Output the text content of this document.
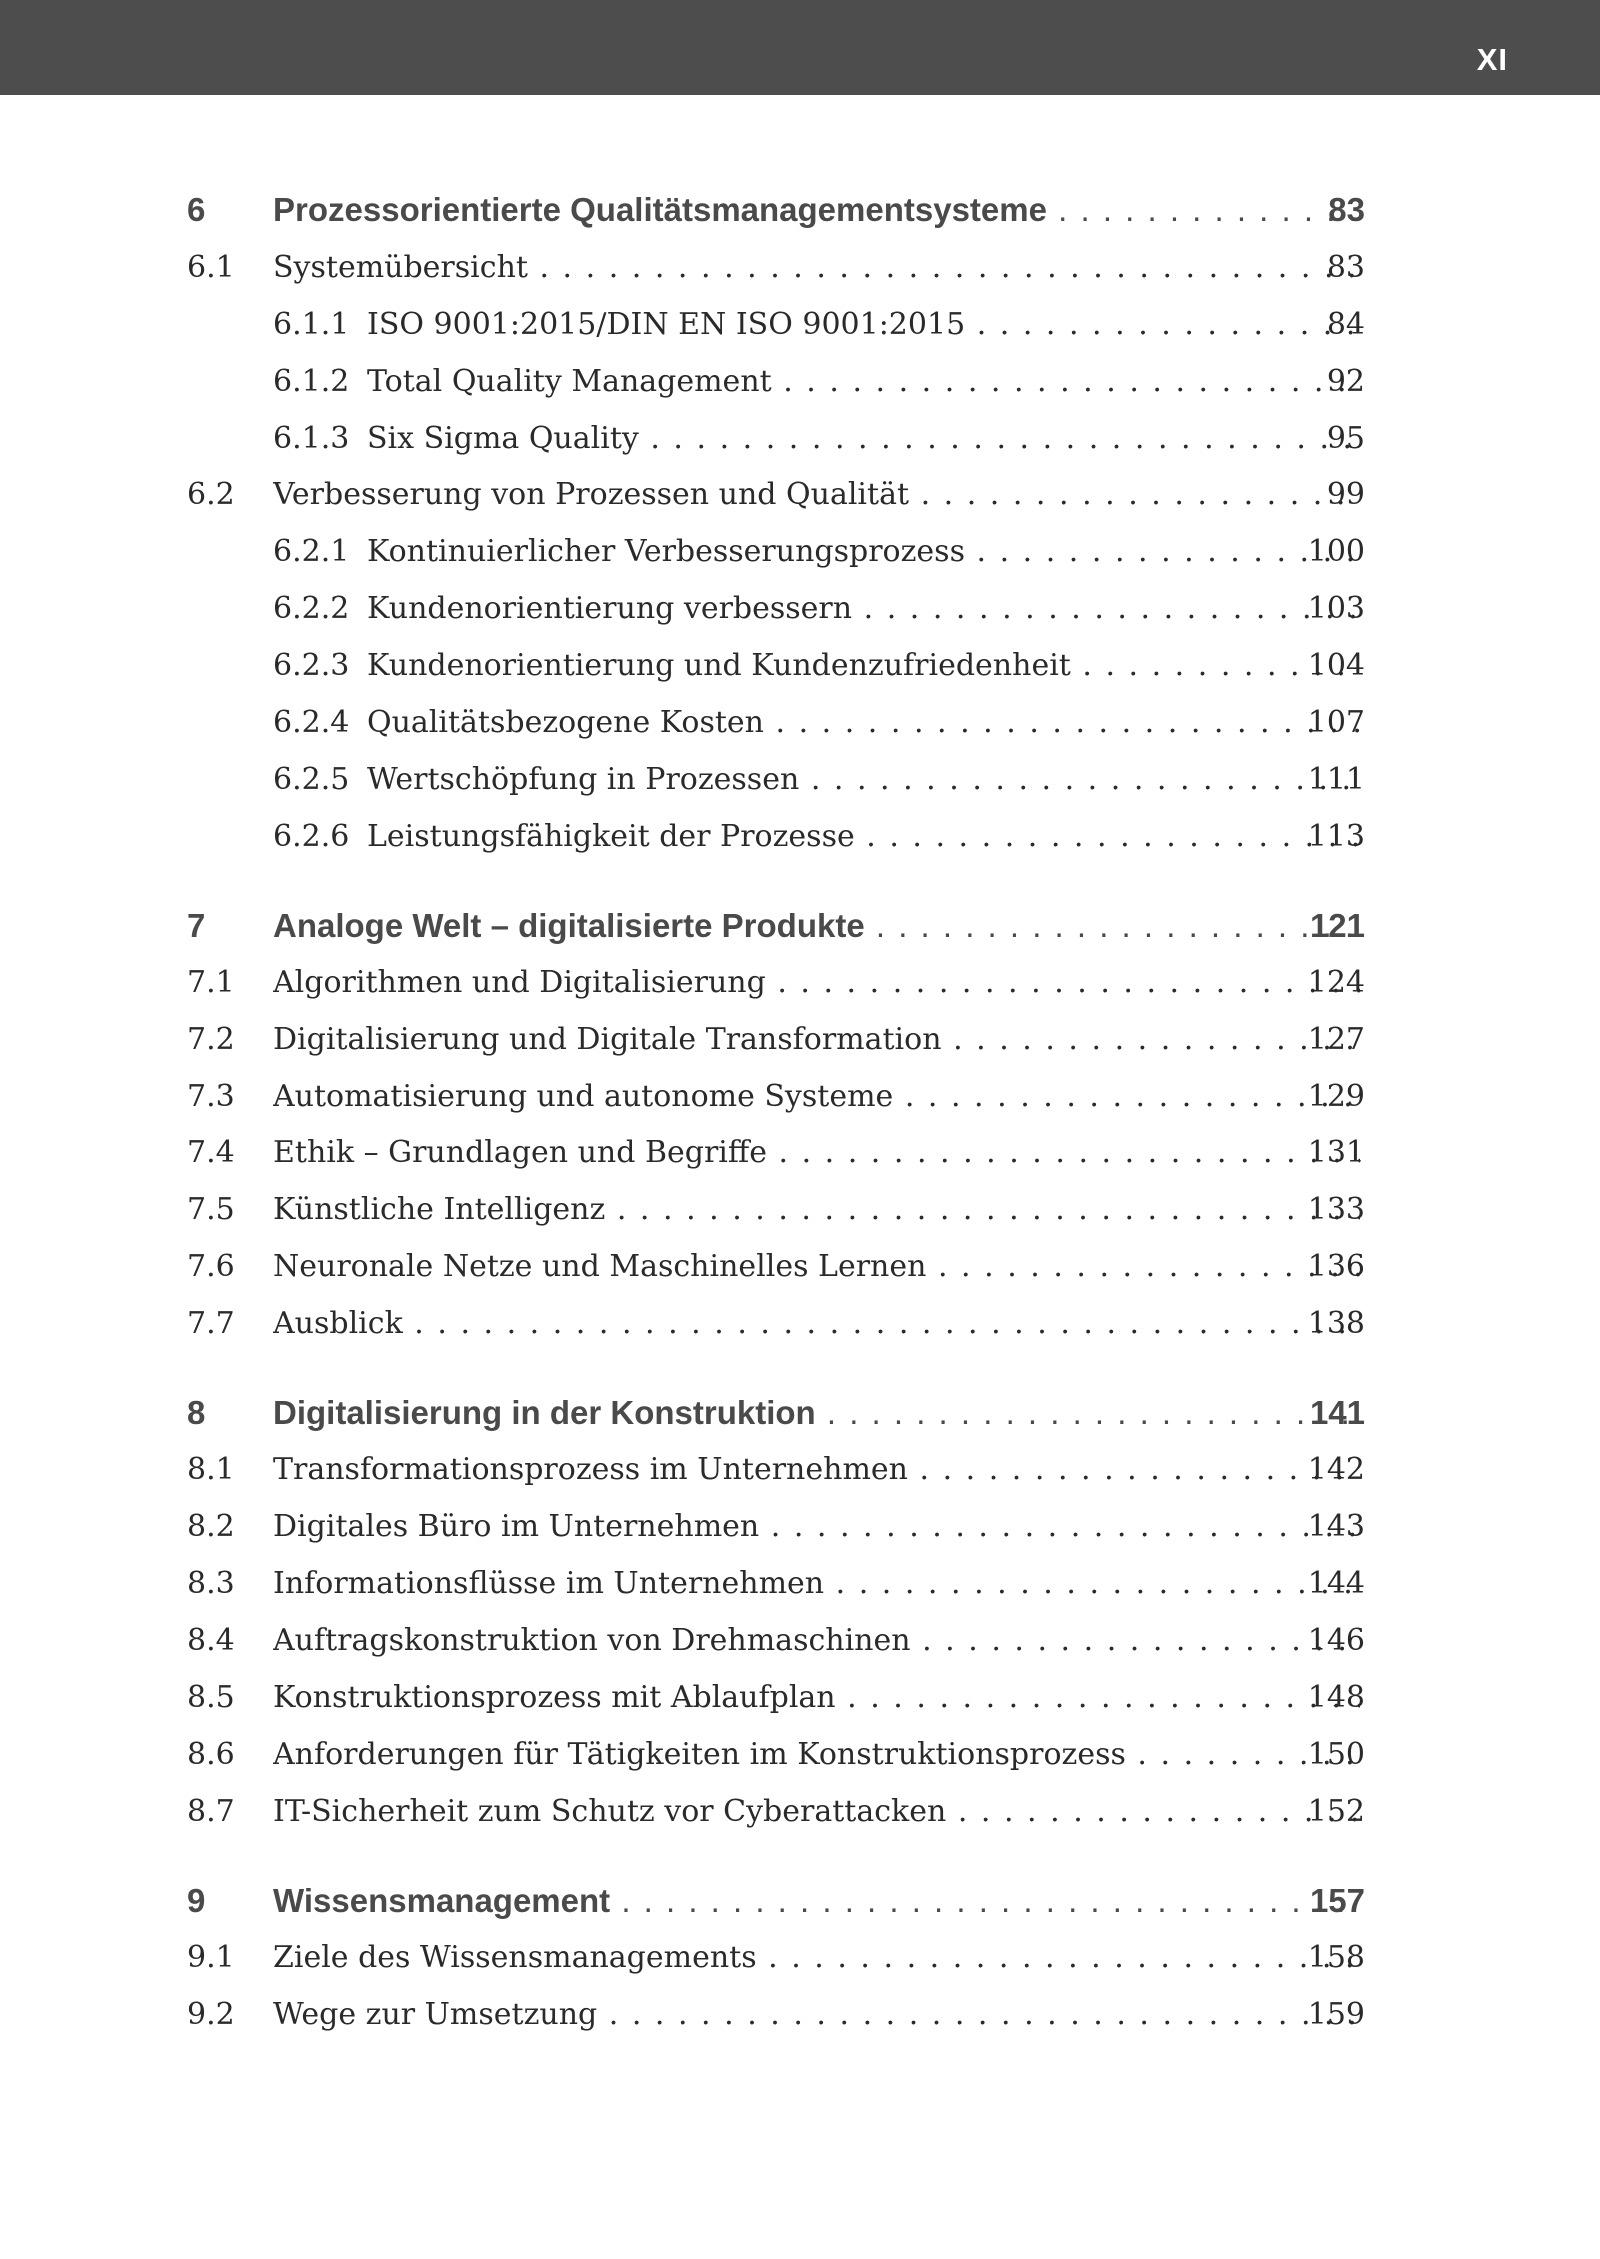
XI
6 Prozessorientierte Qualitätsmanagementsysteme . . .	83
6.1 Systemübersicht . . .	83
6.1.1 ISO 9001:2015/DIN EN ISO 9001:2015 . . .	84
6.1.2 Total Quality Management . . .	92
6.1.3 Six Sigma Quality . . .	95
6.2 Verbesserung von Prozessen und Qualität . . .	99
6.2.1 Kontinuierlicher Verbesserungsprozess . . .	100
6.2.2 Kundenorientierung verbessern . . .	103
6.2.3 Kundenorientierung und Kundenzufriedenheit . . .	104
6.2.4 Qualitätsbezogene Kosten . . .	107
6.2.5 Wertschöpfung in Prozessen . . .	111
6.2.6 Leistungsfähigkeit der Prozesse . . .	113
7 Analoge Welt – digitalisierte Produkte . . .	121
7.1 Algorithmen und Digitalisierung . . .	124
7.2 Digitalisierung und Digitale Transformation . . .	127
7.3 Automatisierung und autonome Systeme . . .	129
7.4 Ethik – Grundlagen und Begriffe . . .	131
7.5 Künstliche Intelligenz . . .	133
7.6 Neuronale Netze und Maschinelles Lernen . . .	136
7.7 Ausblick . . .	138
8 Digitalisierung in der Konstruktion . . .	141
8.1 Transformationsprozess im Unternehmen . . .	142
8.2 Digitales Büro im Unternehmen . . .	143
8.3 Informationsflüsse im Unternehmen . . .	144
8.4 Auftragskonstruktion von Drehmaschinen . . .	146
8.5 Konstruktionsprozess mit Ablaufplan . . .	148
8.6 Anforderungen für Tätigkeiten im Konstruktionsprozess . . .	150
8.7 IT-Sicherheit zum Schutz vor Cyberattacken . . .	152
9 Wissensmanagement . . .	157
9.1 Ziele des Wissensmanagements . . .	158
9.2 Wege zur Umsetzung . . .	159
